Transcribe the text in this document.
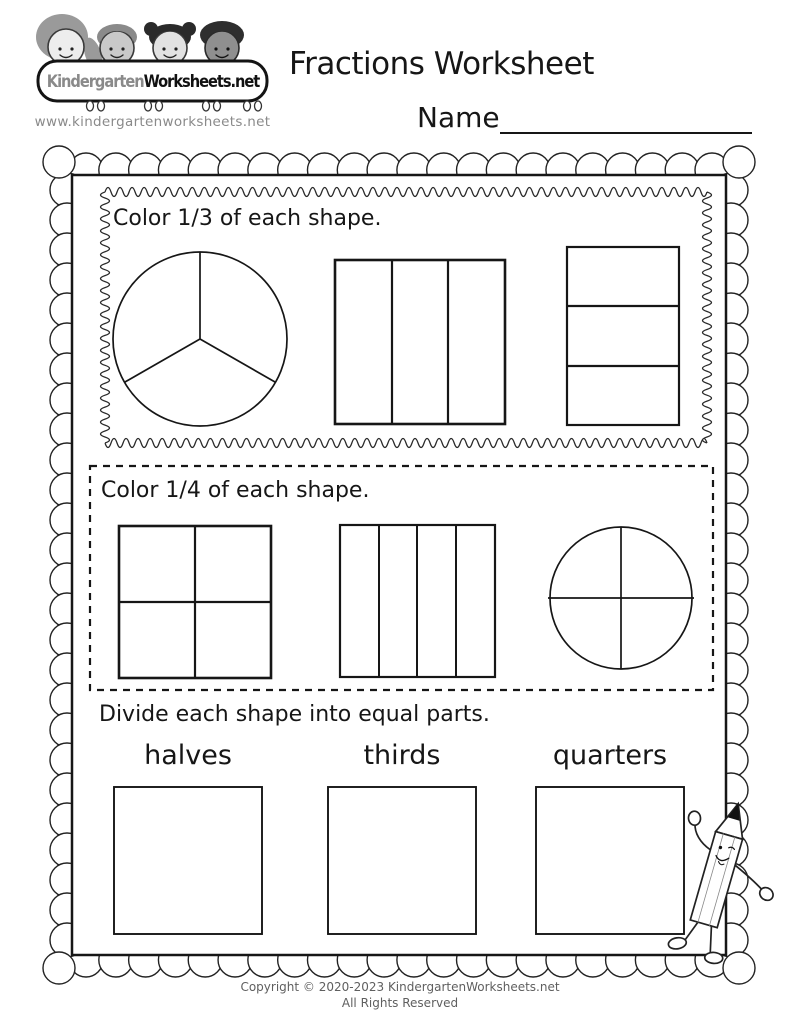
Kindergarten Worksheets.net
www.kindergartenworksheets.net
Fractions Worksheet
Name
Color 1/3 of each shape.
Color 1/4 of each shape.
Divide each shape into equal parts.
halves	thirds	quarters
Copyright © 2020-2023 KindergartenWorksheets.net
All Rights Reserved
